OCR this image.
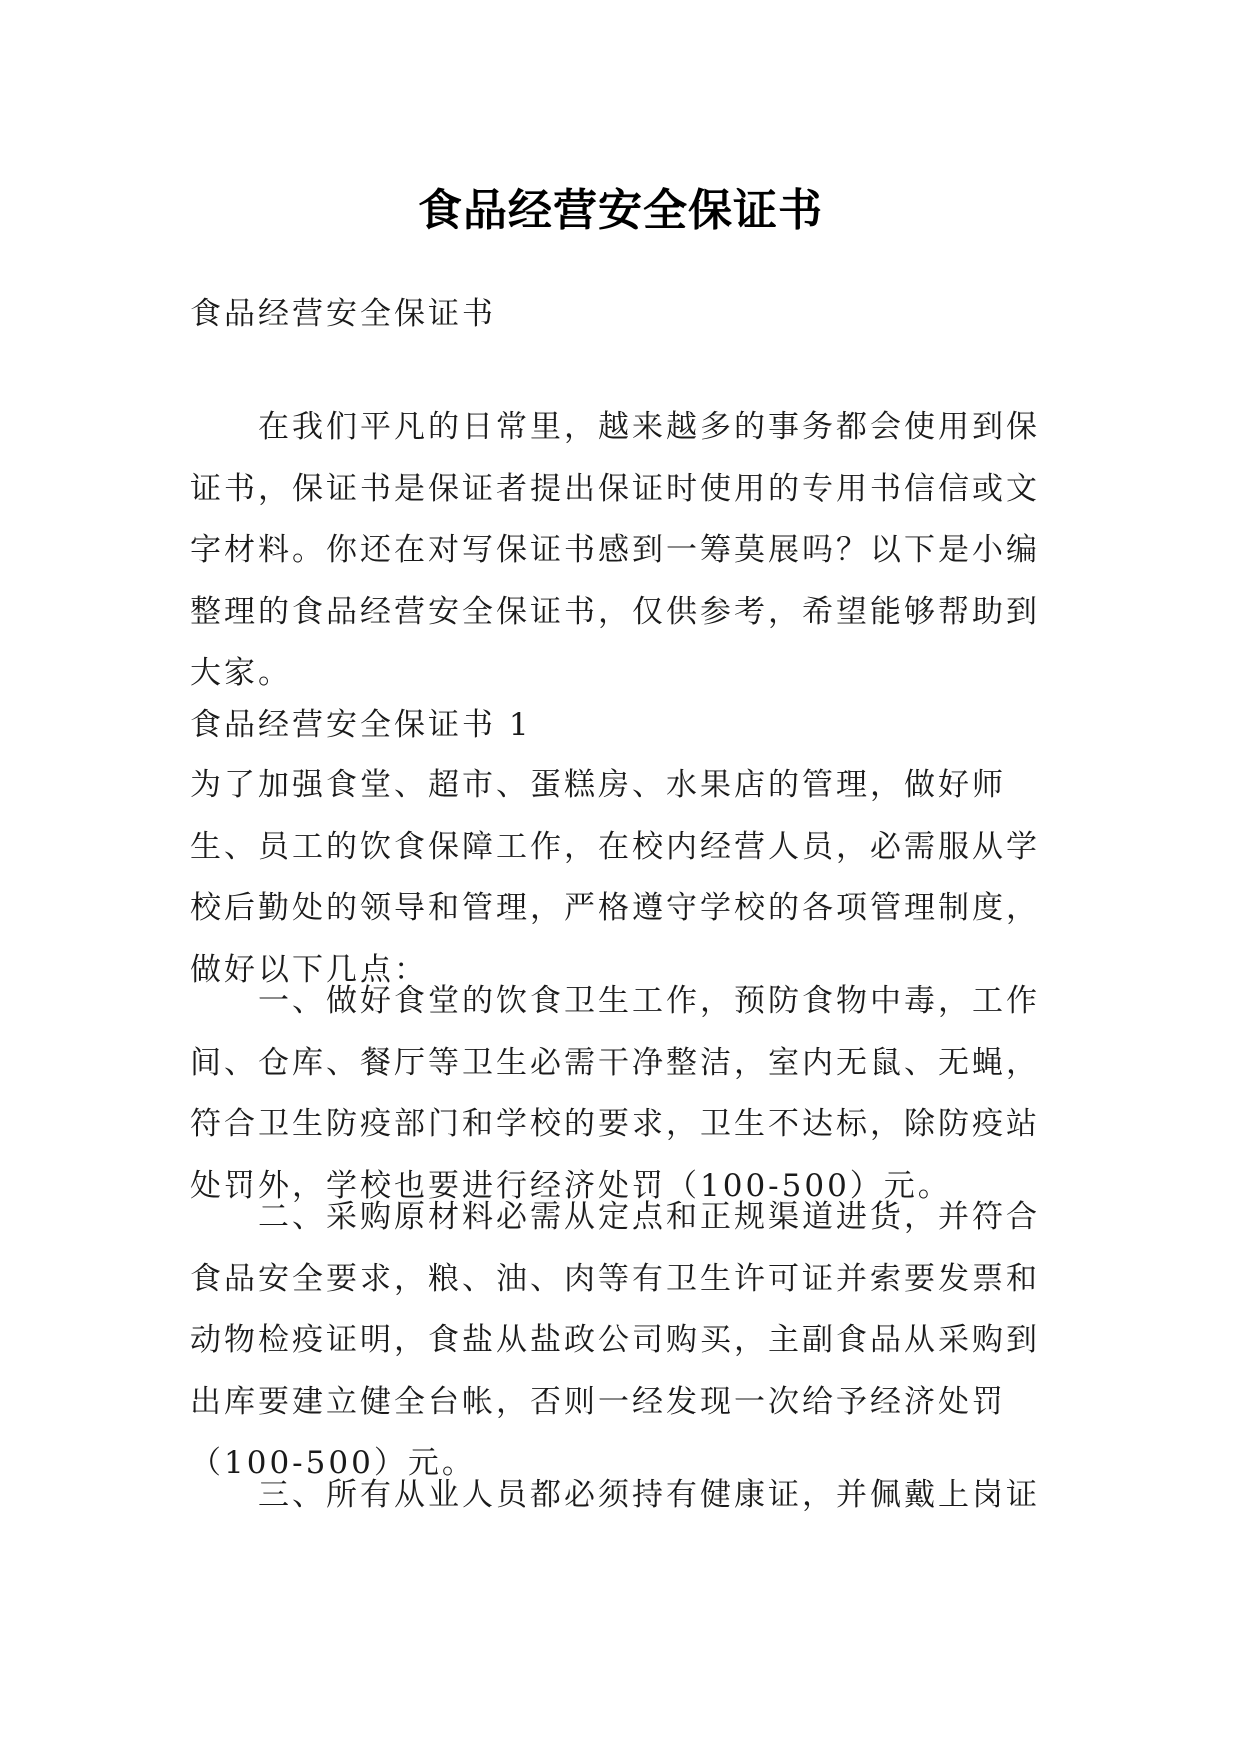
食品经营安全保证书

食品经营安全保证书

在我们平凡的日常里，越来越多的事务都会使用到保证书，保证书是保证者提出保证时使用的专用书信信或文字材料。你还在对写保证书感到一筹莫展吗？以下是小编整理的食品经营安全保证书，仅供参考，希望能够帮助到大家。

食品经营安全保证书 1

为了加强食堂、超市、蛋糕房、水果店的管理，做好师生、员工的饮食保障工作，在校内经营人员，必需服从学校后勤处的领导和管理，严格遵守学校的各项管理制度，做好以下几点：

一、做好食堂的饮食卫生工作，预防食物中毒，工作间、仓库、餐厅等卫生必需干净整洁，室内无鼠、无蝇，符合卫生防疫部门和学校的要求，卫生不达标，除防疫站处罚外，学校也要进行经济处罚（100-500）元。

二、采购原材料必需从定点和正规渠道进货，并符合食品安全要求，粮、油、肉等有卫生许可证并索要发票和动物检疫证明，食盐从盐政公司购买，主副食品从采购到出库要建立健全台帐，否则一经发现一次给予经济处罚（100-500）元。

三、所有从业人员都必须持有健康证，并佩戴上岗证
